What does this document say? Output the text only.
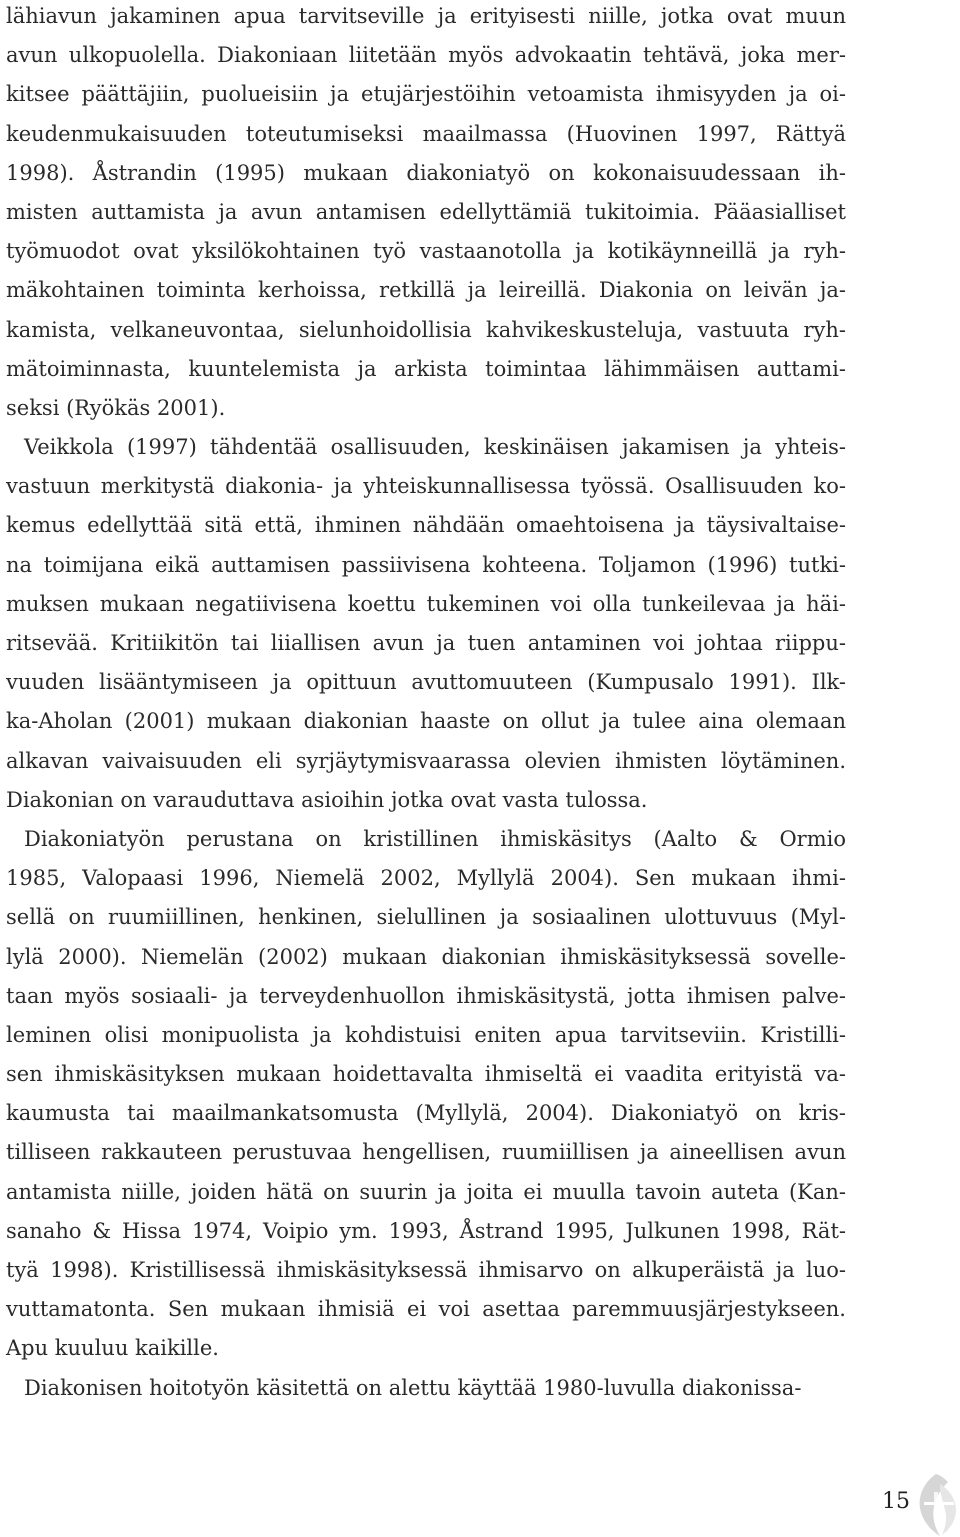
lähiavun jakaminen apua tarvitseville ja erityisesti niille, jotka ovat muun
avun ulkopuolella. Diakoniaan liitetään myös advokaatin tehtävä, joka mer-
kitsee päättäjiin, puolueisiin ja etujärjestöihin vetoamista ihmisyyden ja oi-
keudenmukaisuuden toteutumiseksi maailmassa (Huovinen 1997, Rättyä
1998). Åstrandin (1995) mukaan diakoniatyö on kokonaisuudessaan ih-
misten auttamista ja avun antamisen edellyttämiä tukitoimia. Pääasialliset
työmuodot ovat yksilökohtainen työ vastaanotolla ja kotikäynneillä ja ryh-
mäkohtainen toiminta kerhoissa, retkillä ja leireillä. Diakonia on leivän ja-
kamista, velkaneuvontaa, sielunhoidollisia kahvikeskusteluja, vastuuta ryh-
mätoiminnasta, kuuntelemista ja arkista toimintaa lähimmäisen auttami-
seksi (Ryökäs 2001).
Veikkola (1997) tähdentää osallisuuden, keskinäisen jakamisen ja yhteis-
vastuun merkitystä diakonia- ja yhteiskunnallisessa työssä. Osallisuuden ko-
kemus edellyttää sitä että, ihminen nähdään omaehtoisena ja täysivaltaise-
na toimijana eikä auttamisen passiivisena kohteena. Toljamon (1996) tutki-
muksen mukaan negatiivisena koettu tukeminen voi olla tunkeilevaa ja häi-
ritsevää. Kritiikitön tai liiallisen avun ja tuen antaminen voi johtaa riippu-
vuuden lisääntymiseen ja opittuun avuttomuuteen (Kumpusalo 1991). Ilk-
ka-Aholan (2001) mukaan diakonian haaste on ollut ja tulee aina olemaan
alkavan vaivaisuuden eli syrjäytymisvaarassa olevien ihmisten löytäminen.
Diakonian on varauduttava asioihin jotka ovat vasta tulossa.
Diakoniatyön perustana on kristillinen ihmiskäsitys (Aalto & Ormio
1985, Valopaasi 1996, Niemelä 2002, Myllylä 2004). Sen mukaan ihmi-
sellä on ruumiillinen, henkinen, sielullinen ja sosiaalinen ulottuvuus (Myl-
lylä 2000). Niemelän (2002) mukaan diakonian ihmiskäsityksessä sovelle-
taan myös sosiaali- ja terveydenhuollon ihmiskäsitystä, jotta ihmisen palve-
leminen olisi monipuolista ja kohdistuisi eniten apua tarvitseviin. Kristilli-
sen ihmiskäsityksen mukaan hoidettavalta ihmiseltä ei vaadita erityistä va-
kaumusta tai maailmankatsomusta (Myllylä, 2004). Diakoniatyö on kris-
tilliseen rakkauteen perustuvaa hengellisen, ruumiillisen ja aineellisen avun
antamista niille, joiden hätä on suurin ja joita ei muulla tavoin auteta (Kan-
sanaho & Hissa 1974, Voipio ym. 1993, Åstrand 1995, Julkunen 1998, Rät-
tyä 1998). Kristillisessä ihmiskäsityksessä ihmisarvo on alkuperäistä ja luo-
vuttamatonta. Sen mukaan ihmisiä ei voi asettaa paremmuusjärjestykseen.
Apu kuuluu kaikille.
Diakonisen hoitotyön käsitettä on alettu käyttää 1980-luvulla diakonissa-
15
